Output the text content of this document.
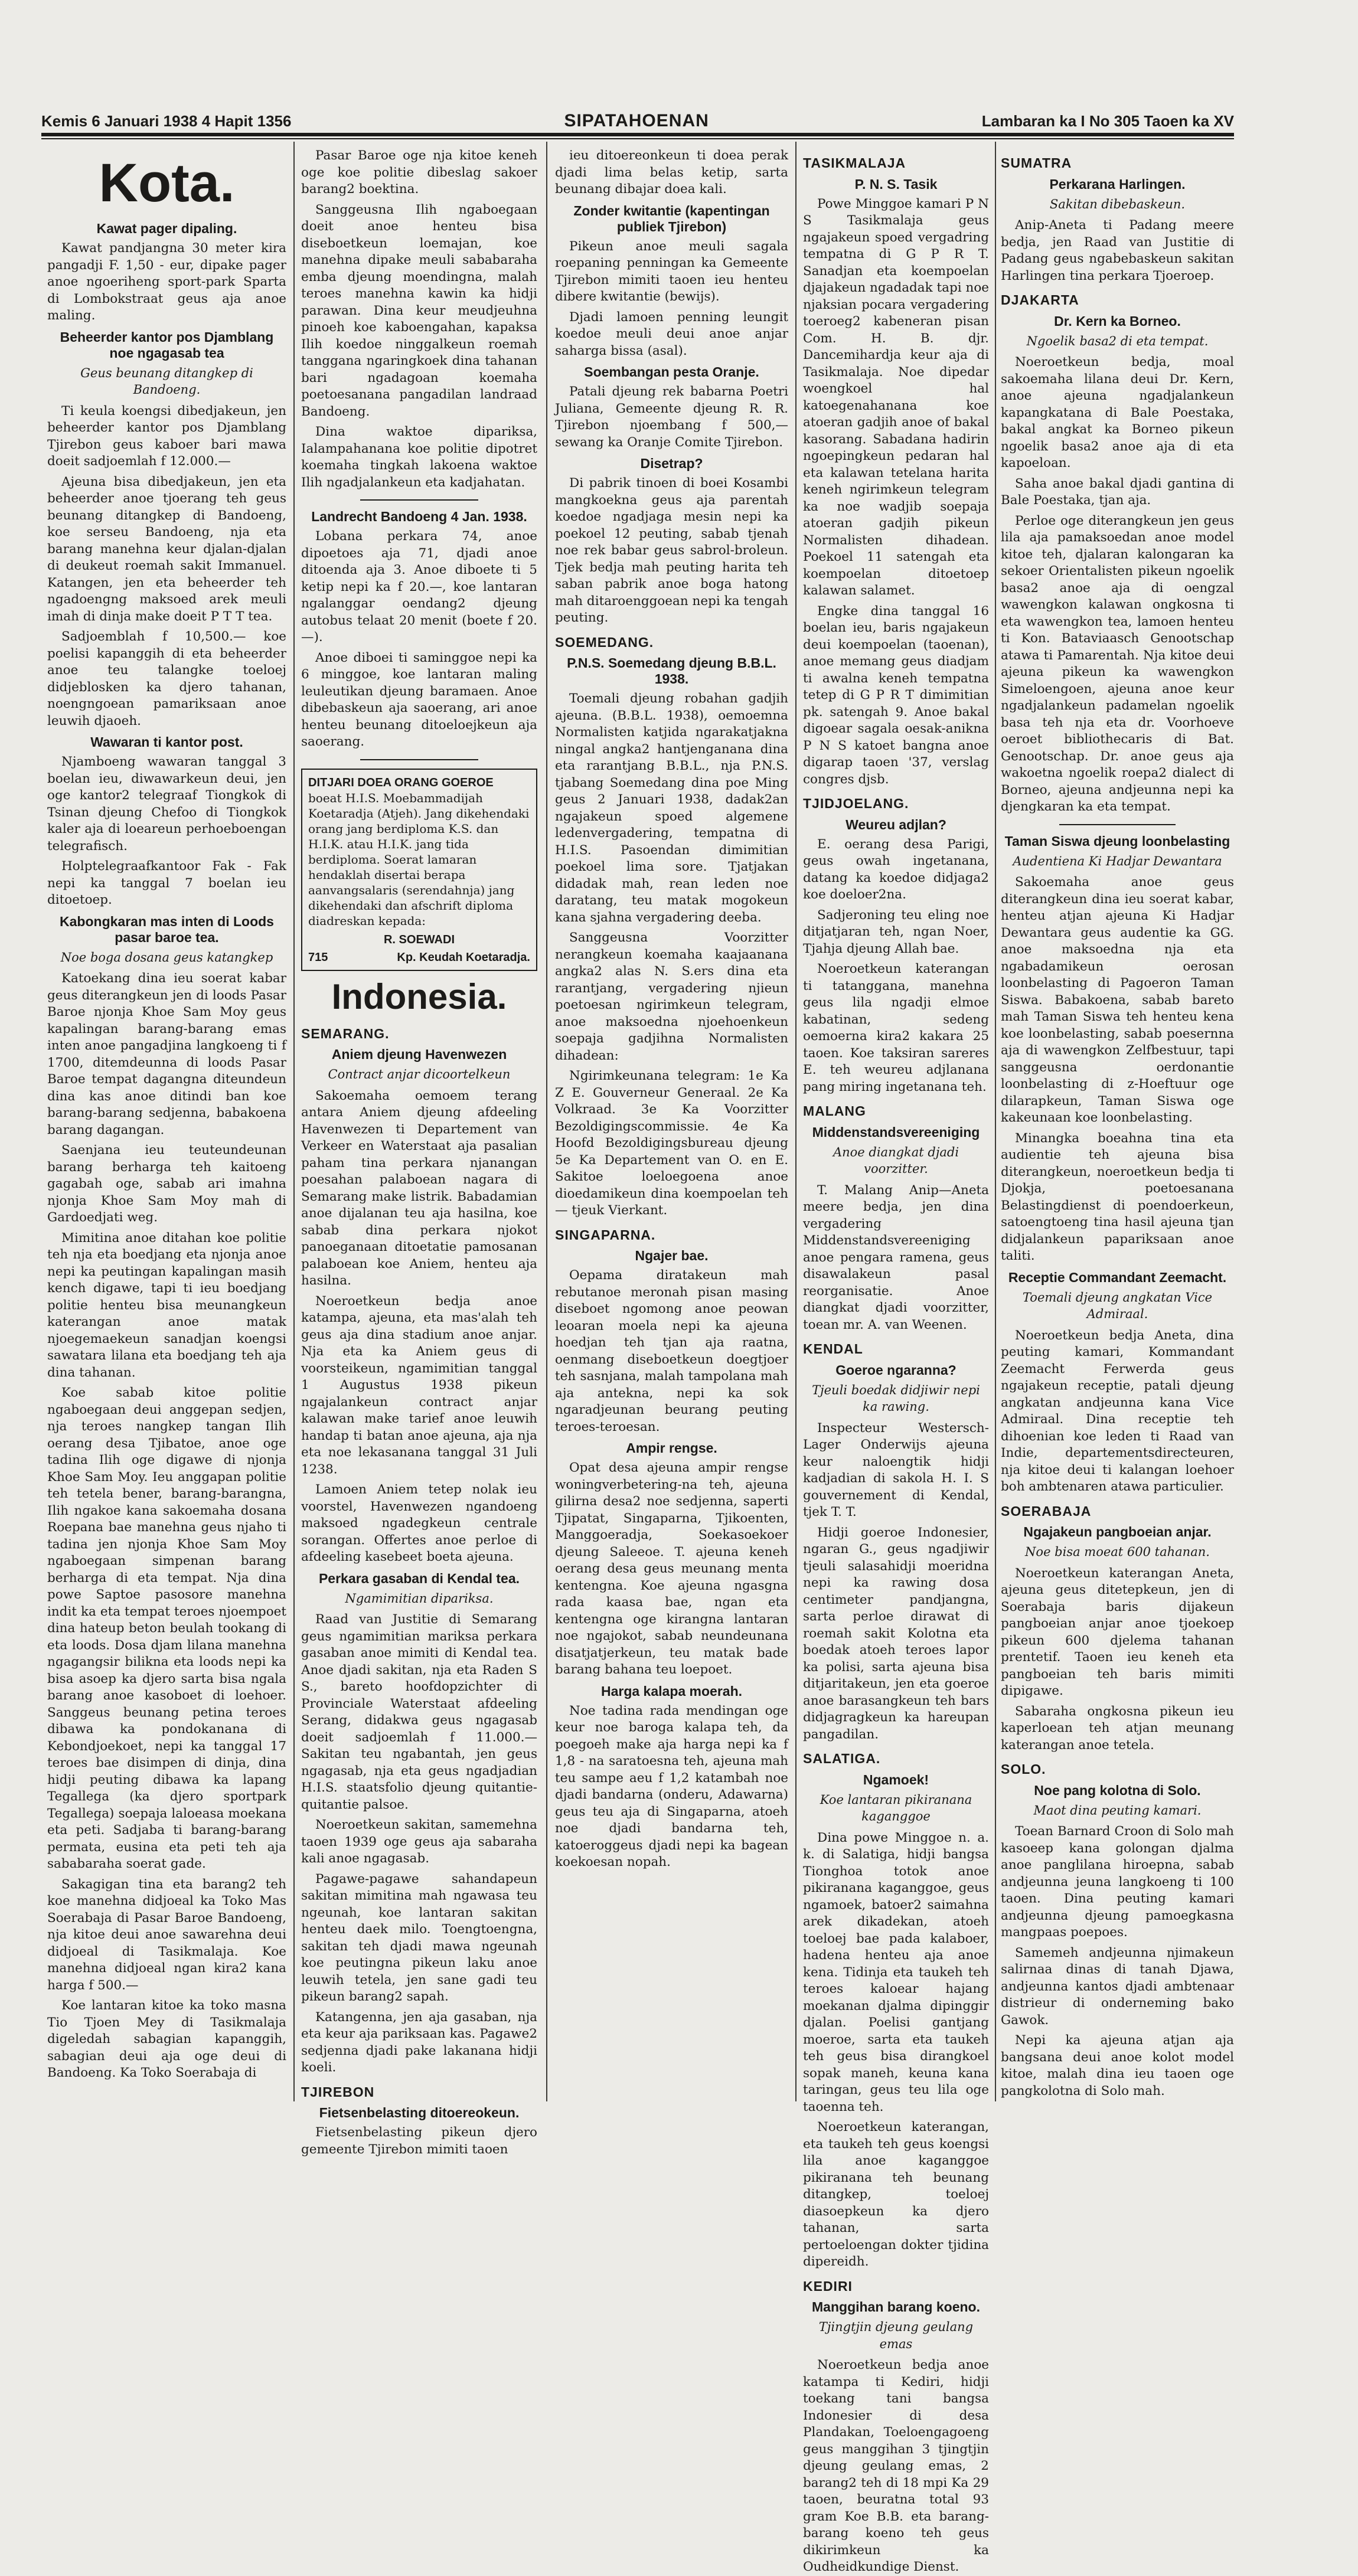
Kemis 6 Januari 1938 4 Hapit 1356	SIPATAHOENAN	Lambaran ka I No 305 Taoen ka XV
Kota.
Kawat pager dipaling.

Kawat pandjangna 30 meter kira pangadji F. 1,50 - eur, dipake pager anoe ngoeriheng sport-park Sparta di Lombokstraat geus aja anoe maling.

Beheerder kantor pos Djamblang noe ngagasab tea
Geus beunang ditangkep di Bandoeng.

Ti keula koengsi dibedjakeun, jen beheerder kantor pos Djamblang Tjirebon geus kaboer bari mawa doeit sadjoemlah f 12.000.—

Ajeuna bisa dibedjakeun, jen eta beheerder anoe tjoerang teh geus beunang ditangkep di Bandoeng, koe serseu Bandoeng, nja eta barang manehna keur djalan-djalan di deukeut roemah sakit Immanuel. Katangen, jen eta beheerder teh ngadoengng maksoed arek meuli imah di dinja make doeit P T T tea.

Sadjoemblah f 10,500.— koe poelisi kapanggih di eta beheerder anoe teu talangke toeloej didjeblosken ka djero tahanan, noengngoean pamariksaan anoe leuwih djaoeh.

Wawaran ti kantor post.

Njamboeng wawaran tanggal 3 boelan ieu, diwawarkeun deui, jen oge kantor2 telegraaf Tiongkok di Tsinan djeung Chefoo di Tiongkok kaler aja di loeareun perhoeboengan telegrafisch.

Holptelegraafkantoor Fak - Fak nepi ka tanggal 7 boelan ieu ditoetoep.

Kabongkaran mas inten di Loods pasar baroe tea.
Noe boga dosana geus katangkep

Katoekang dina ieu soerat kabar geus diterangkeun jen di loods Pasar Baroe njonja Khoe Sam Moy geus kapalingan barang-barang emas inten anoe pangadjina langkoeng ti f 1700, ditemdeunna di loods Pasar Baroe tempat dagangna diteundeun dina kas anoe ditindi ban koe barang-barang sedjenna, babakoena barang dagangan.

Saenjana ieu teuteundeunan barang berharga teh kaitoeng gagabah oge, sabab ari imahna njonja Khoe Sam Moy mah di Gardoedjati weg.

Mimitina anoe ditahan koe politie teh nja eta boedjang eta njonja anoe nepi ka peutingan kapalingan masih kench digawe, tapi ti ieu boedjang politie henteu bisa meunangkeun katerangan anoe matak njoegemaekeun sanadjan koengsi sawatara lilana eta boedjang teh aja dina tahanan.

Koe sabab kitoe politie ngaboegaan deui anggepan sedjen, nja teroes nangkep tangan Ilih oerang desa Tjibatoe, anoe oge tadina Ilih oge digawe di njonja Khoe Sam Moy. Ieu anggapan politie teh tetela bener, barang-barangna, Ilih ngakoe kana sakoemaha dosana Roepana bae manehna geus njaho ti tadina jen njonja Khoe Sam Moy ngaboegaan simpenan barang berharga di eta tempat. Nja dina powe Saptoe pasosore manehna indit ka eta tempat teroes njoempoet dina hateup beton beulah tookang di eta loods. Dosa djam lilana manehna ngagangsir bilikna eta loods nepi ka bisa asoep ka djero sarta bisa ngala barang anoe kasoboet di loehoer. Sanggeus beunang petina teroes dibawa ka pondokanana di Kebondjoekoet, nepi ka tanggal 17 teroes bae disimpen di dinja, dina hidji peuting dibawa ka lapang Tegallega (ka djero sportpark Tegallega) soepaja laloeasa moekana eta peti. Sadjaba ti barang-barang permata, eusina eta peti teh aja sababaraha soerat gade.

Sakagigan tina eta barang2 teh koe manehna didjoeal ka Toko Mas Soerabaja di Pasar Baroe Bandoeng, nja kitoe deui anoe sawarehna deui didjoeal di Tasikmalaja. Koe manehna didjoeal ngan kira2 kana harga f 500.—

Koe lantaran kitoe ka toko masna Tio Tjoen Mey di Tasikmalaja digeledah sabagian kapanggih, sabagian deui aja oge deui di Bandoeng. Ka Toko Soerabaja di

Pasar Baroe oge nja kitoe keneh oge koe politie dibeslag sakoer barang2 boektina.

Sanggeusna Ilih ngaboegaan doeit anoe henteu bisa diseboetkeun loemajan, koe manehna dipake meuli sababaraha emba djeung moendingna, malah teroes manehna kawin ka hidji parawan. Dina keur meudjeuhna pinoeh koe kaboengahan, kapaksa Ilih koedoe ninggalkeun roemah tanggana ngaringkoek dina tahanan bari ngadagoan koemaha poetoesanana pangadilan landraad Bandoeng.

Dina waktoe dipariksa, Ialampahanana koe politie dipotret koemaha tingkah lakoena waktoe Ilih ngadjalankeun eta kadjahatan.

Landrecht Bandoeng 4 Jan. 1938.

Lobana perkara 74, anoe dipoetoes aja 71, djadi anoe ditoenda aja 3. Anoe diboete ti 5 ketip nepi ka f 20.—, koe lantaran ngalanggar oendang2 djeung autobus telaat 20 menit (boete f 20.—).

Anoe diboei ti saminggoe nepi ka 6 minggoe, koe lantaran maling leuleutikan djeung baramaen. Anoe dibebaskeun aja saoerang, ari anoe henteu beunang ditoeloejkeun aja saoerang.

DITJARI DOEA ORANG GOEROE boeat H.I.S. Moebammadijah Koetaradja (Atjeh). Jang dikehendaki orang jang berdiploma K.S. dan H.I.K. atau H.I.K. jang tida berdiploma. Soerat lamaran hendaklah disertai berapa aanvangsalaris (serendahnja) jang dikehendaki dan afschrift diploma diadreskan kepada:
R. SOEWADI
715	Kp. Keudah Koetaradja.
Indonesia.
SEMARANG.
Aniem djeung Havenwezen
Contract anjar dicoortelkeun

Sakoemaha oemoem terang antara Aniem djeung afdeeling Havenwezen ti Departement van Verkeer en Waterstaat aja pasalian paham tina perkara njanangan poesahan palaboean nagara di Semarang make listrik. Babadamian anoe dijalanan teu aja hasilna, koe sabab dina perkara njokot panoeganaan ditoetatie pamosanan palaboean koe Aniem, henteu aja hasilna.

Noeroetkeun bedja anoe katampa, ajeuna, eta mas'alah teh geus aja dina stadium anoe anjar. Nja eta ka Aniem geus di voorsteikeun, ngamimitian tanggal 1 Augustus 1938 pikeun ngajalankeun contract anjar kalawan make tarief anoe leuwih handap ti batan anoe ajeuna, aja nja eta noe lekasanana tanggal 31 Juli 1238.

Lamoen Aniem tetep nolak ieu voorstel, Havenwezen ngandoeng maksoed ngadegkeun centrale sorangan. Offertes anoe perloe di afdeeling kasebeet boeta ajeuna.

Perkara gasaban di Kendal tea.
Ngamimitian dipariksa.

Raad van Justitie di Semarang geus ngamimitian mariksa perkara gasaban anoe mimiti di Kendal tea. Anoe djadi sakitan, nja eta Raden S S., bareto hoofdopzichter di Provinciale Waterstaat afdeeling Serang, didakwa geus ngagasab doeit sadjoemlah f 11.000.— Sakitan teu ngabantah, jen geus ngagasab, nja eta geus ngadjadian H.I.S. staatsfolio djeung quitantie-quitantie palsoe.

Noeroetkeun sakitan, samemehna taoen 1939 oge geus aja sabaraha kali anoe ngagasab.

Pagawe-pagawe sahandapeun sakitan mimitina mah ngawasa teu ngeunah, koe lantaran sakitan henteu daek milo. Toengtoengna, sakitan teh djadi mawa ngeunah koe peutingna pikeun laku anoe leuwih tetela, jen sane gadi teu pikeun barang2 sapah.

Katangenna, jen aja gasaban, nja eta keur aja pariksaan kas. Pagawe2 sedjenna djadi pake lakanana hidji koeli.

TJIREBON
Fietsenbelasting ditoereokeun.

Fietsenbelasting pikeun djero gemeente Tjirebon mimiti taoen

ieu ditoereonkeun ti doea perak djadi lima belas ketip, sarta beunang dibajar doea kali.

Zonder kwitantie (kapentingan publiek Tjirebon)

Pikeun anoe meuli sagala roepaning penningan ka Gemeente Tjirebon mimiti taoen ieu henteu dibere kwitantie (bewijs).

Djadi lamoen penning leungit koedoe meuli deui anoe anjar saharga bissa (asal).

Soembangan pesta Oranje.

Patali djeung rek babarna Poetri Juliana, Gemeente djeung R. R. Tjirebon njoembang f 500,— sewang ka Oranje Comite Tjirebon.

Disetrap?

Di pabrik tinoen di boei Kosambi mangkoekna geus aja parentah koedoe ngadjaga mesin nepi ka poekoel 12 peuting, sabab tjenah noe rek babar geus sabrol-broleun. Tjek bedja mah peuting harita teh saban pabrik anoe boga hatong mah ditaroenggoean nepi ka tengah peuting.

SOEMEDANG.
P.N.S. Soemedang djeung B.B.L. 1938.

Toemali djeung robahan gadjih ajeuna. (B.B.L. 1938), oemoemna Normalisten katjida ngarakatjakna ningal angka2 hantjenganana dina eta rarantjang B.B.L., nja P.N.S. tjabang Soemedang dina poe Ming geus 2 Januari 1938, dadak2an ngajakeun spoed algemene ledenvergadering, tempatna di H.I.S. Pasoendan dimimitian poekoel lima sore. Tjatjakan didadak mah, rean leden noe daratang, teu matak mogokeun kana sjahna vergadering deeba.

Sanggeusna Voorzitter nerangkeun koemaha kaajaanana angka2 alas N. S.ers dina eta rarantjang, vergadering njieun poetoesan ngirimkeun telegram, anoe maksoedna njoehoenkeun soepaja gadjihna Normalisten dihadean:

Ngirimkeunana telegram: 1e Ka Z E. Gouverneur Generaal. 2e Ka Volkraad. 3e Ka Voorzitter Bezoldigingscommissie. 4e Ka Hoofd Bezoldigingsbureau djeung 5e Ka Departement van O. en E. Sakitoe loeloegoena anoe dioedamikeun dina koempoelan teh — tjeuk Vierkant.

SINGAPARNA.
Ngajer bae.

Oepama diratakeun mah rebutanoe meronah pisan masing diseboet ngomong anoe peowan leoaran moela nepi ka ajeuna hoedjan teh tjan aja raatna, oenmang diseboetkeun doegtjoer teh sasnjana, malah tampolana mah aja antekna, nepi ka sok ngaradjeunan beurang peuting teroes-teroesan.

Ampir rengse.

Opat desa ajeuna ampir rengse woningverbetering-na teh, ajeuna gilirna desa2 noe sedjenna, saperti Tjipatat, Singaparna, Tjikoenten, Manggoeradja, Soekasoekoer djeung Saleeoe. T. ajeuna keneh oerang desa geus meunang menta kentengna. Koe ajeuna ngasgna rada kaasa bae, ngan eta kentengna oge kirangna lantaran noe ngajokot, sabab neundeunana disatjatjerkeun, teu matak bade barang bahana teu loepoet.

Harga kalapa moerah.

Noe tadina rada mendingan oge keur noe baroga kalapa teh, da poegoeh make aja harga nepi ka f 1,8 - na saratoesna teh, ajeuna mah teu sampe aeu f 1,2 katambah noe djadi bandarna (onderu, Adawarna) geus teu aja di Singaparna, atoeh noe djadi bandarna teh, katoeroggeus djadi nepi ka bagean koekoesan nopah.

TASIKMALAJA
P. N. S. Tasik

Powe Minggoe kamari P N S Tasikmalaja geus ngajakeun spoed vergadring tempatna di G P R T. Sanadjan eta koempoelan djajakeun ngadadak tapi noe njaksian pocara vergadering toeroeg2 kabeneran pisan Com. H. B. djr. Dancemihardja keur aja di Tasikmalaja. Noe dipedar woengkoel hal katoegenahanana koe atoeran gadjih anoe of bakal kasorang. Sabadana hadirin ngoepingkeun pedaran hal eta kalawan tetelana harita keneh ngirimkeun telegram ka noe wadjib soepaja atoeran gadjih pikeun Normalisten dihadean. Poekoel 11 satengah eta koempoelan ditoetoep kalawan salamet.

Engke dina tanggal 16 boelan ieu, baris ngajakeun deui koempoelan (taoenan), anoe memang geus diadjam ti awalna keneh tempatna tetep di G P R T dimimitian pk. satengah 9. Anoe bakal digoear sagala oesak-anikna P N S katoet bangna anoe digarap taoen '37, verslag congres djsb.

TJIDJOELANG.
Weureu adjlan?

E. oerang desa Parigi, geus owah ingetanana, datang ka koedoe didjaga2 koe doeloer2na.

Sadjeroning teu eling noe ditjatjaran teh, ngan Noer, Tjahja djeung Allah bae.

Noeroetkeun katerangan ti tatanggana, manehna geus lila ngadji elmoe kabatinan, sedeng oemoerna kira2 kakara 25 taoen. Koe taksiran sareres E. teh weureu adjlanana pang miring ingetanana teh.

MALANG
Middenstandsvereeniging
Anoe diangkat djadi voorzitter.

T. Malang Anip—Aneta meere bedja, jen dina vergadering Middenstandsvereeniging anoe pengara ramena, geus disawalakeun pasal reorganisatie. Anoe diangkat djadi voorzitter, toean mr. A. van Weenen.

KENDAL
Goeroe ngaranna?
Tjeuli boedak didjiwir nepi ka rawing.

Inspecteur Westersch-Lager Onderwijs ajeuna keur naloengtik hidji kadjadian di sakola H. I. S gouvernement di Kendal, tjek T. T.

Hidji goeroe Indonesier, ngaran G., geus ngadjiwir tjeuli salasahidji moeridna nepi ka rawing dosa centimeter pandjangna, sarta perloe dirawat di roemah sakit Kolotna eta boedak atoeh teroes lapor ka polisi, sarta ajeuna bisa ditjaritakeun, jen eta goeroe anoe barasangkeun teh bars didjagragkeun ka hareupan pangadilan.

SALATIGA.
Ngamoek!
Koe lantaran pikiranana kaganggoe

Dina powe Minggoe n. a. k. di Salatiga, hidji bangsa Tionghoa totok anoe pikiranana kaganggoe, geus ngamoek, batoer2 saimahna arek dikadekan, atoeh toeloej bae pada kalaboer, hadena henteu aja anoe kena. Tidinja eta taukeh teh teroes kaloear hajang moekanan djalma dipinggir djalan. Poelisi gantjang moeroe, sarta eta taukeh teh geus bisa dirangkoel sopak maneh, keuna kana taringan, geus teu lila oge taoenna teh.

Noeroetkeun katerangan, eta taukeh teh geus koengsi lila anoe kaganggoe pikiranana teh beunang ditangkep, toeloej diasoepkeun ka djero tahanan, sarta pertoeloengan dokter tjidina dipereidh.

KEDIRI
Manggihan barang koeno.
Tjingtjin djeung geulang emas

Noeroetkeun bedja anoe katampa ti Kediri, hidji toekang tani bangsa Indonesier di desa Plandakan, Toeloengagoeng geus manggihan 3 tjingtjin djeung geulang emas, 2 barang2 teh di 18 mpi Ka 29 taoen, beuratna total 93 gram Koe B.B. eta barang-barang koeno teh geus dikirimkeun ka Oudheidkundige Dienst.

SUMATRA
Perkarana Harlingen.
Sakitan dibebaskeun.

Anip-Aneta ti Padang meere bedja, jen Raad van Justitie di Padang geus ngabebaskeun sakitan Harlingen tina perkara Tjoeroep.

DJAKARTA
Dr. Kern ka Borneo.
Ngoelik basa2 di eta tempat.

Noeroetkeun bedja, moal sakoemaha lilana deui Dr. Kern, anoe ajeuna ngadjalankeun kapangkatana di Bale Poestaka, bakal angkat ka Borneo pikeun ngoelik basa2 anoe aja di eta kapoeloan.

Saha anoe bakal djadi gantina di Bale Poestaka, tjan aja.

Perloe oge diterangkeun jen geus lila aja pamaksoedan anoe model kitoe teh, djalaran kalongaran ka sekoer Orientalisten pikeun ngoelik basa2 anoe aja di oengzal wawengkon kalawan ongkosna ti eta wawengkon tea, lamoen henteu ti Kon. Bataviaasch Genootschap atawa ti Pamarentah. Nja kitoe deui ajeuna pikeun ka wawengkon Simeloengoen, ajeuna anoe keur ngadjalankeun padamelan ngoelik basa teh nja eta dr. Voorhoeve oeroet bibliothecaris di Bat. Genootschap. Dr. anoe geus aja wakoetna ngoelik roepa2 dialect di Borneo, ajeuna andjeunna nepi ka djengkaran ka eta tempat.

Taman Siswa djeung loonbelasting
Audentiena Ki Hadjar Dewantara

Sakoemaha anoe geus diterangkeun dina ieu soerat kabar, henteu atjan ajeuna Ki Hadjar Dewantara geus audentie ka GG. anoe maksoedna nja eta ngabadamikeun oerosan loonbelasting di Pagoeron Taman Siswa. Babakoena, sabab bareto mah Taman Siswa teh henteu kena koe loonbelasting, sabab poesernna aja di wawengkon Zelfbestuur, tapi sanggeusna oerdonantie loonbelasting di z-Hoeftuur oge dilarapkeun, Taman Siswa oge kakeunaan koe loonbelasting.

Minangka boeahna tina eta audientie teh ajeuna bisa diterangkeun, noeroetkeun bedja ti Djokja, poetoesanana Belastingdienst di poendoerkeun, satoengtoeng tina hasil ajeuna tjan didjalankeun papariksaan anoe taliti.

Receptie Commandant Zeemacht.
Toemali djeung angkatan Vice Admiraal.

Noeroetkeun bedja Aneta, dina peuting kamari, Kommandant Zeemacht Ferwerda geus ngajakeun receptie, patali djeung angkatan andjeunna kana Vice Admiraal. Dina receptie teh dihoenian koe leden ti Raad van Indie, departementsdirecteuren, nja kitoe deui ti kalangan loehoer boh ambtenaren atawa particulier.

SOERABAJA
Ngajakeun pangboeian anjar.
Noe bisa moeat 600 tahanan.

Noeroetkeun katerangan Aneta, ajeuna geus ditetepkeun, jen di Soerabaja baris dijakeun pangboeian anjar anoe tjoekoep pikeun 600 djelema tahanan prentetif. Taoen ieu keneh eta pangboeian teh baris mimiti dipigawe.

Sabaraha ongkosna pikeun ieu kaperloean teh atjan meunang katerangan anoe tetela.

SOLO.
Noe pang kolotna di Solo.
Maot dina peuting kamari.

Toean Barnard Croon di Solo mah kasoeep kana golongan djalma anoe panglilana hiroepna, sabab andjeunna jeuna langkoeng ti 100 taoen. Dina peuting kamari andjeunna djeung pamoegkasna mangpaas poepoes.

Samemeh andjeunna njimakeun salirnaa dinas di tanah Djawa, andjeunna kantos djadi ambtenaar distrieur di onderneming bako Gawok.

Nepi ka ajeuna atjan aja bangsana deui anoe kolot model kitoe, malah dina ieu taoen oge pangkolotna di Solo mah.
